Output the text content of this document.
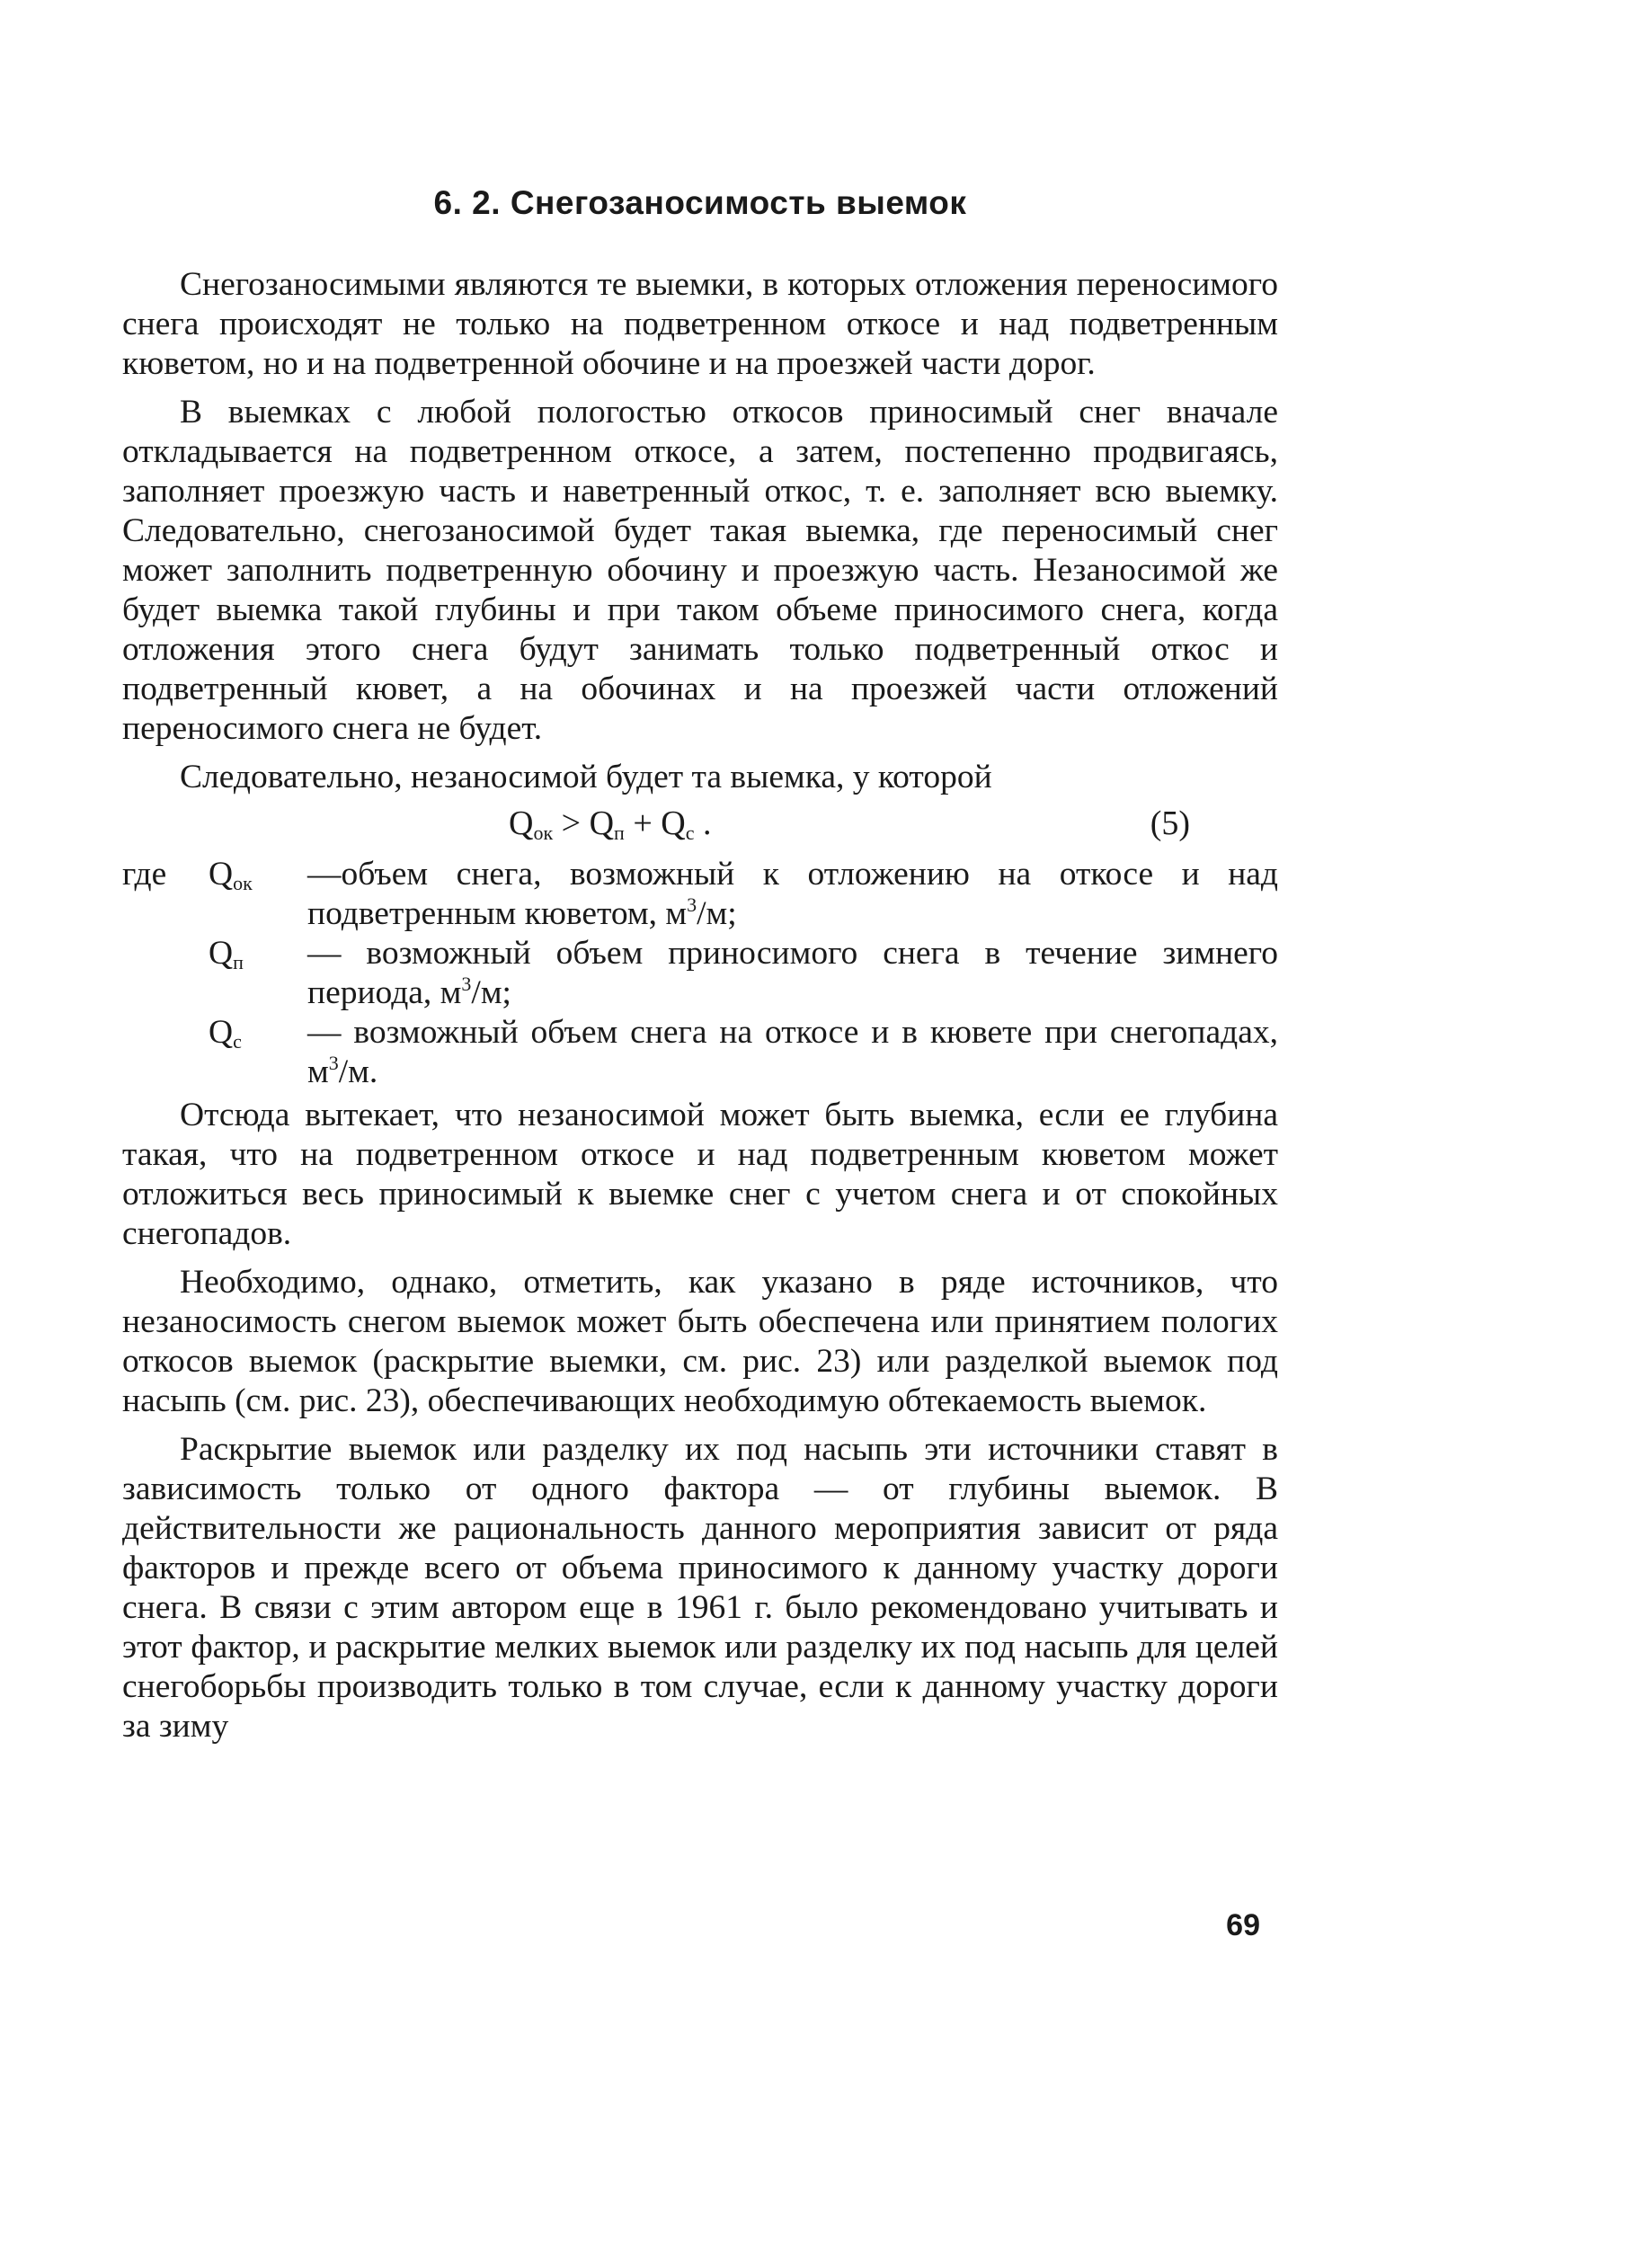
6. 2. Снегозаносимость выемок

Снегозаносимыми являются те выемки, в которых отложения переносимого снега происходят не только на подветренном откосе и над подветренным кюветом, но и на подветренной обочине и на проезжей части дорог.

В выемках с любой пологостью откосов приносимый снег вначале откладывается на подветренном откосе, а затем, постепенно продвигаясь, заполняет проезжую часть и наветренный откос, т. е. заполняет всю выемку. Следовательно, снегозаносимой будет такая выемка, где переносимый снег может заполнить подветренную обочину и проезжую часть. Незаносимой же будет выемка такой глубины и при таком объеме приносимого снега, когда отложения этого снега будут занимать только подветренный откос и подветренный кювет, а на обочинах и на проезжей части отложений переносимого снега не будет.

Следовательно, незаносимой будет та выемка, у которой

$Q_{ок} > Q_п + Q_с$ .	(5)
где	$Q_{ок}$	—объем снега, возможный к отложению на откосе и над подветренным кюветом, $м^3/м$;
$Q_п$	— возможный объем приносимого снега в течение зимнего периода, $м^3/м$;
$Q_с$	— возможный объем снега на откосе и в кювете при снегопадах, $м^3/м$.

Отсюда вытекает, что незаносимой может быть выемка, если ее глубина такая, что на подветренном откосе и над подветренным кюветом может отложиться весь приносимый к выемке снег с учетом снега и от спокойных снегопадов.

Необходимо, однако, отметить, как указано в ряде источников, что незаносимость снегом выемок может быть обеспечена или принятием пологих откосов выемок (раскрытие выемки, см. рис. 23) или разделкой выемок под насыпь (см. рис. 23), обеспечивающих необходимую обтекаемость выемок.

Раскрытие выемок или разделку их под насыпь эти источники ставят в зависимость только от одного фактора — от глубины выемок. В действительности же рациональность данного мероприятия зависит от ряда факторов и прежде всего от объема приносимого к данному участку дороги снега. В связи с этим автором еще в 1961 г. было рекомендовано учитывать и этот фактор, и раскрытие мелких выемок или разделку их под насыпь для целей снегоборьбы производить только в том случае, если к данному участку дороги за зиму

69
